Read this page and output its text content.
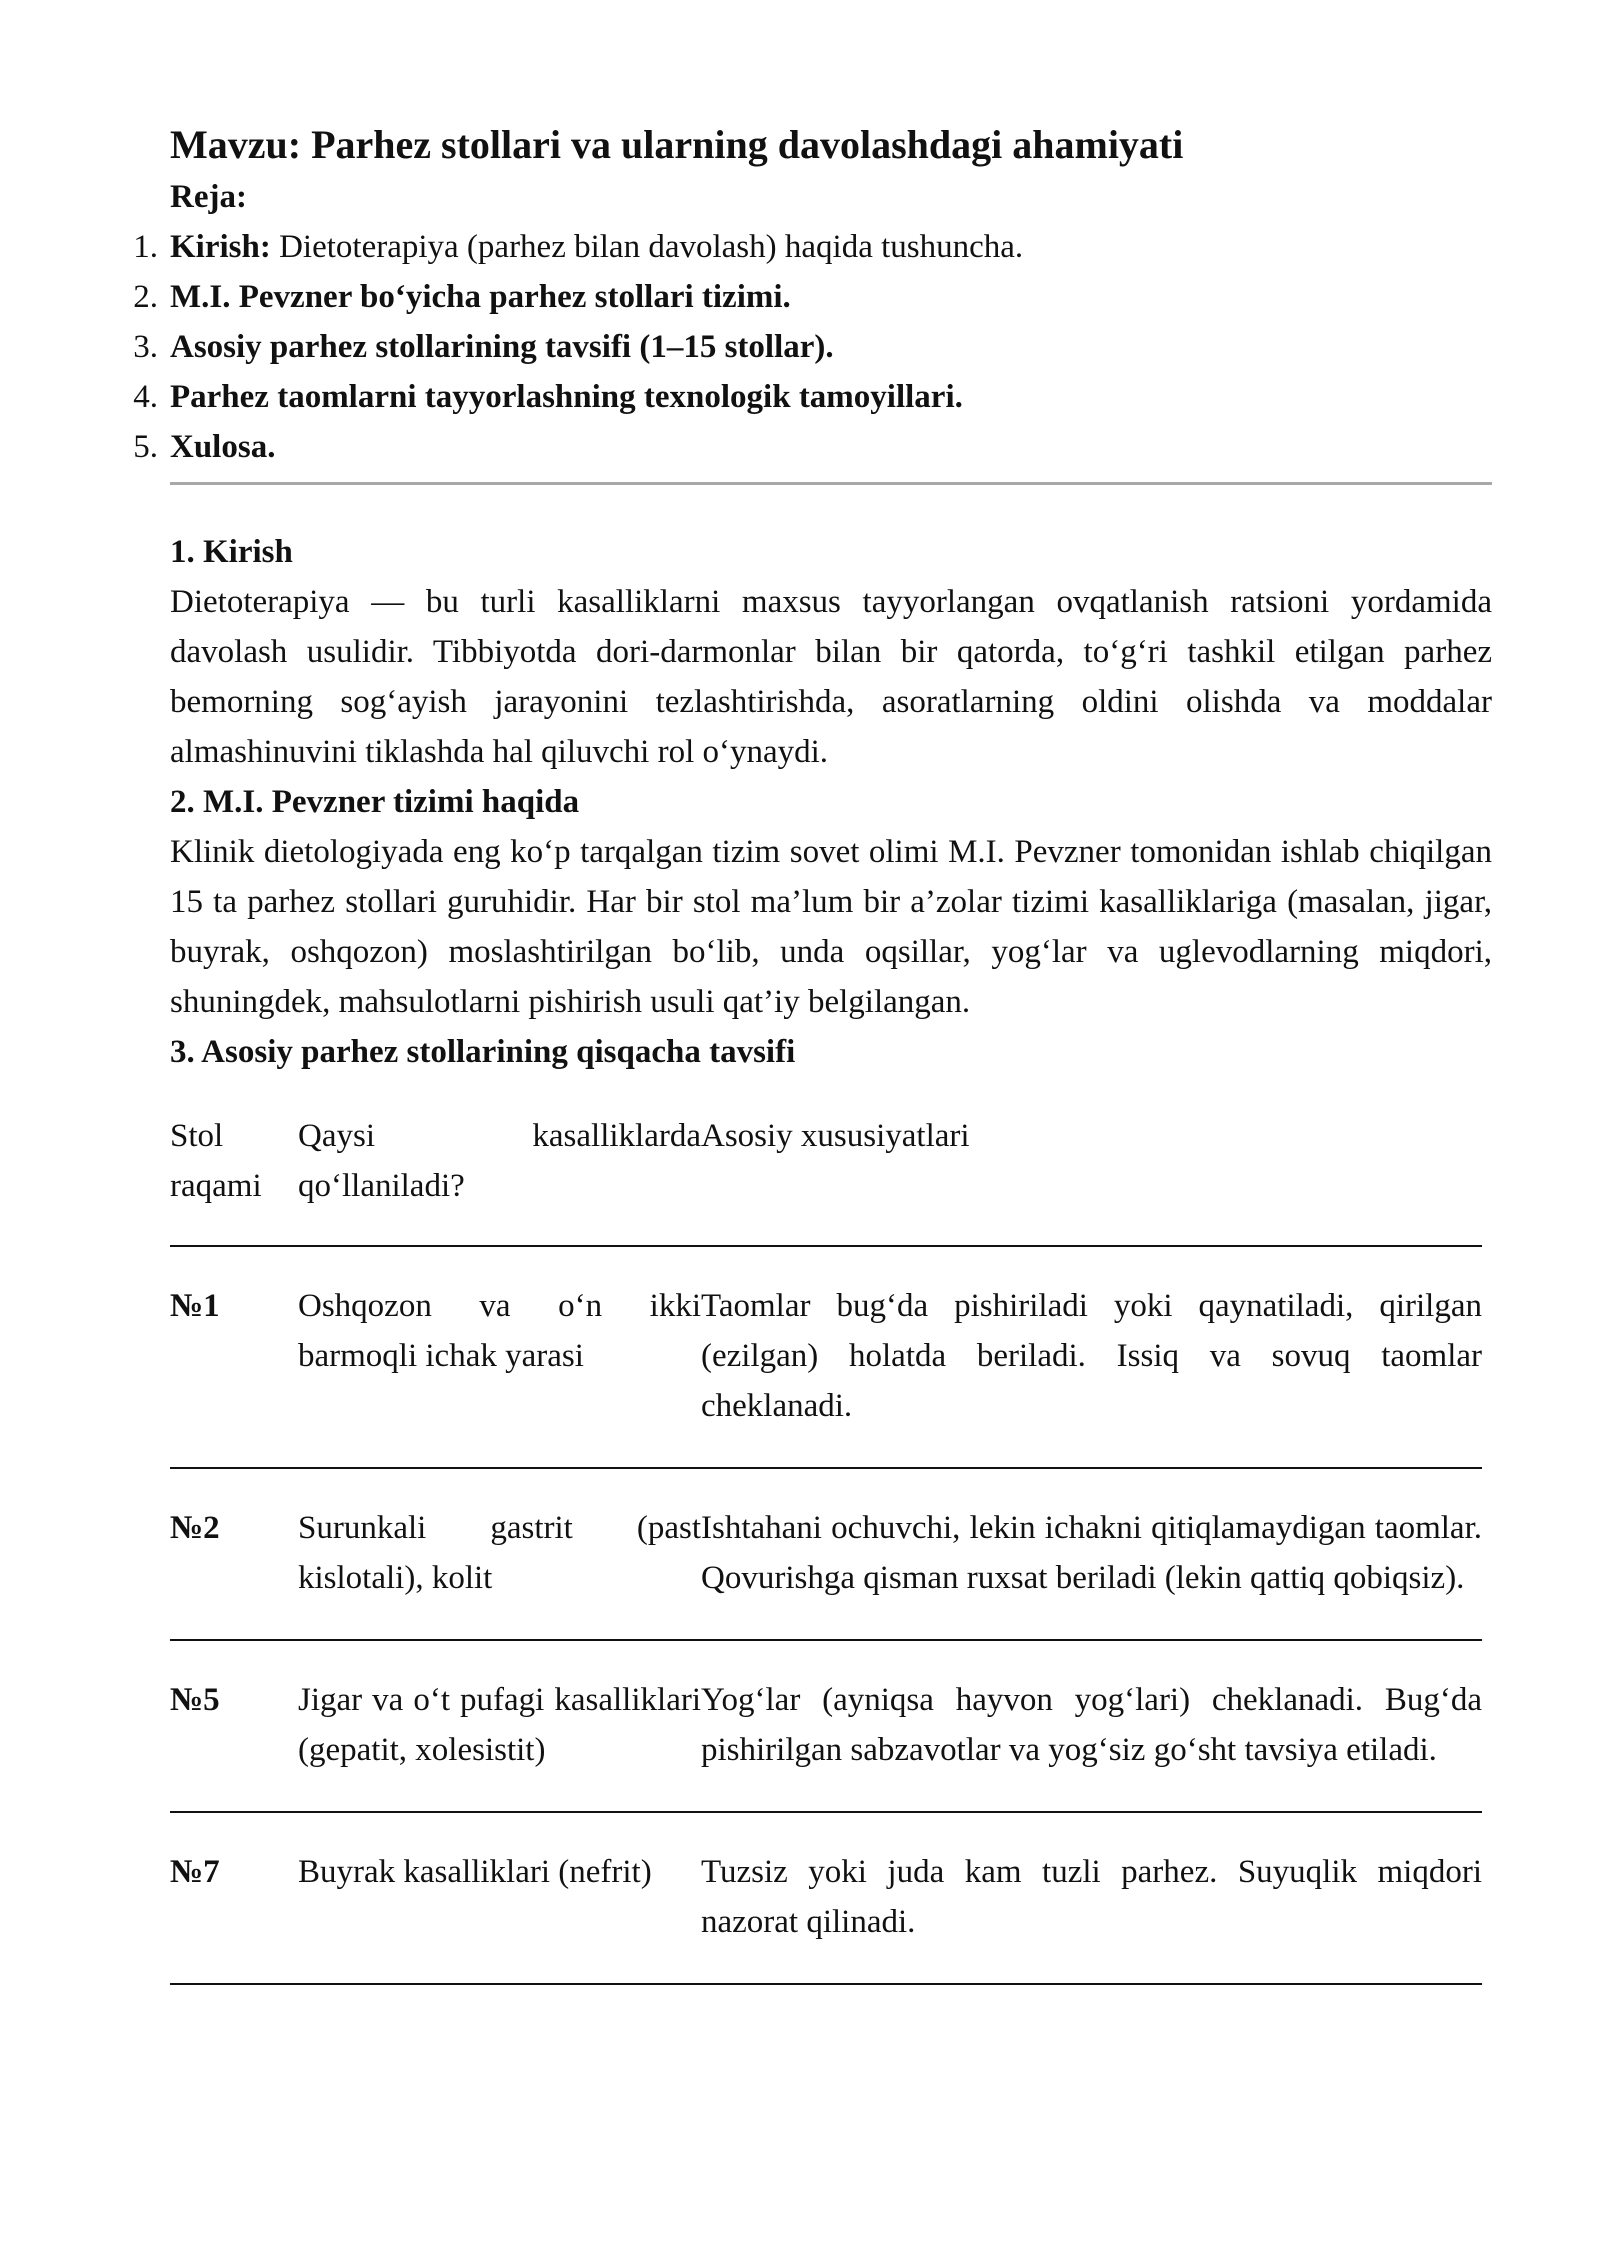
Mavzu: Parhez stollari va ularning davolashdagi ahamiyati
Reja:
1. Kirish: Dietoterapiya (parhez bilan davolash) haqida tushuncha.
2. M.I. Pevzner bo‘yicha parhez stollari tizimi.
3. Asosiy parhez stollarining tavsifi (1–15 stollar).
4. Parhez taomlarni tayyorlashning texnologik tamoyillari.
5. Xulosa.
1. Kirish

Dietoterapiya — bu turli kasalliklarni maxsus tayyorlangan ovqatlanish ratsioni yordamida davolash usulidir. Tibbiyotda dori-darmonlar bilan bir qatorda, to‘g‘ri tashkil etilgan parhez bemorning sog‘ayish jarayonini tezlashtirishda, asoratlarning oldini olishda va moddalar almashinuvini tiklashda hal qiluvchi rol o‘ynaydi.

2. M.I. Pevzner tizimi haqida

Klinik dietologiyada eng ko‘p tarqalgan tizim sovet olimi M.I. Pevzner tomonidan ishlab chiqilgan 15 ta parhez stollari guruhidir. Har bir stol ma’lum bir a’zolar tizimi kasalliklariga (masalan, jigar, buyrak, oshqozon) moslashtirilgan bo‘lib, unda oqsillar, yog‘lar va uglevodlarning miqdori, shuningdek, mahsulotlarni pishirish usuli qat’iy belgilangan.

3. Asosiy parhez stollarining qisqacha tavsifi
Stol raqami	Qaysi kasalliklarda qo‘llaniladi?	Asosiy xususiyatlari
№1	Oshqozon va o‘n ikki barmoqli ichak yarasi	Taomlar bug‘da pishiriladi yoki qaynatiladi, qirilgan (ezilgan) holatda beriladi. Issiq va sovuq taomlar cheklanadi.
№2	Surunkali gastrit (past kislotali), kolit	Ishtahani ochuvchi, lekin ichakni qitiqlamaydigan taomlar. Qovurishga qisman ruxsat beriladi (lekin qattiq qobiqsiz).
№5	Jigar va o‘t pufagi kasalliklari (gepatit, xolesistit)	Yog‘lar (ayniqsa hayvon yog‘lari) cheklanadi. Bug‘da pishirilgan sabzavotlar va yog‘siz go‘sht tavsiya etiladi.
№7	Buyrak kasalliklari (nefrit)	Tuzsiz yoki juda kam tuzli parhez. Suyuqlik miqdori nazorat qilinadi.
